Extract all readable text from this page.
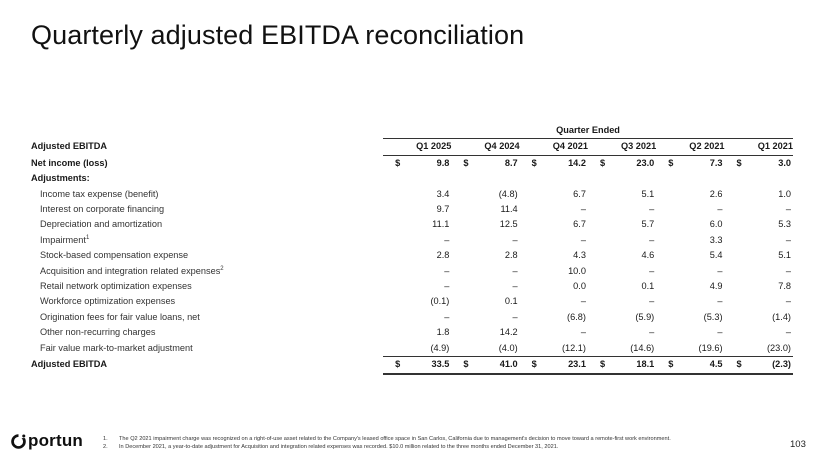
Quarterly adjusted EBITDA reconciliation
	Quarter Ended					
Adjusted EBITDA	Q1 2025	Q4 2024	Q4 2021	Q3 2021	Q2 2021	Q1 2021
Net income (loss)	$ 9.8	$ 8.7	$ 14.2	$ 23.0	$ 7.3	$ 3.0

Adjustments:						
Income tax expense (benefit)	3.4	(4.8)	6.7	5.1	2.6	1.0

Interest on corporate financing	9.7	11.4	–	–	–	–

Depreciation and amortization	11.1	12.5	6.7	5.7	6.0	5.3

Impairment$^1$	–	–	–	–	3.3	–

Stock-based compensation expense	2.8	2.8	4.3	4.6	5.4	5.1

Acquisition and integration related expenses$^2$	–	–	10.0	–	–	–

Retail network optimization expenses	–	–	0.0	0.1	4.9	7.8

Workforce optimization expenses	(0.1)	0.1	–	–	–	–

Origination fees for fair value loans, net	–	–	(6.8)	(5.9)	(5.3)	(1.4)

Other non-recurring charges	1.8	14.2	–	–	–	–

Fair value mark-to-market adjustment	(4.9)	(4.0)	(12.1)	(14.6)	(19.6)	(23.0)

Adjusted EBITDA	$ 33.5	$ 41.0	$ 23.1	$ 18.1	$ 4.5	$ (2.3)
portun	1.	The Q2 2021 impairment charge was recognized on a right-of-use asset related to the Company's leased office space in San Carlos, California due to management's decision to move toward a remote-first work environment.
2.	In December 2021, a year-to-date adjustment for Acquisition and integration related expenses was recorded. $10.0 million related to the three months ended December 31, 2021.	103
